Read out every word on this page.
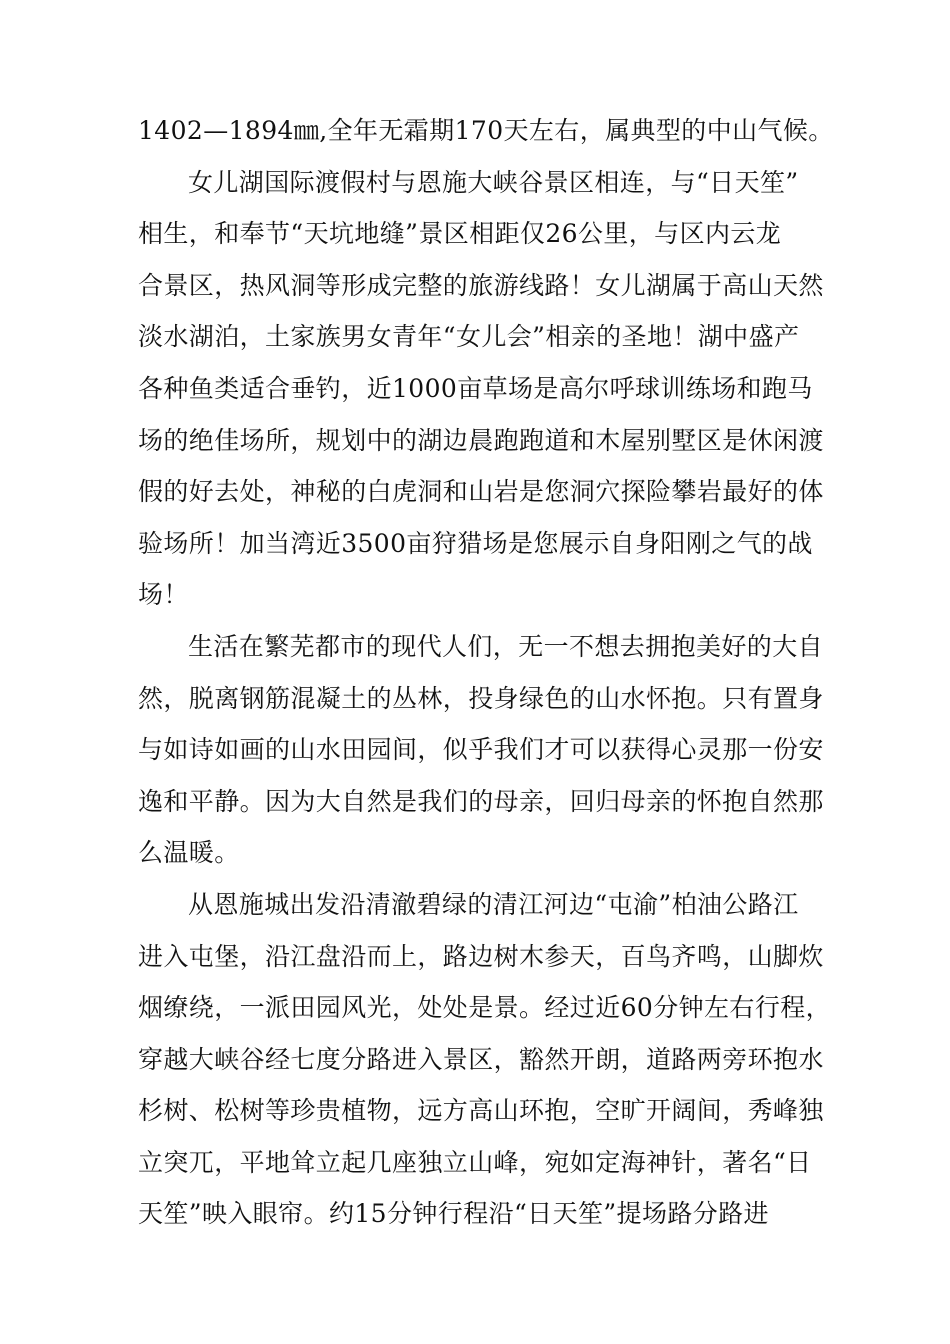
1402—1894㎜,全年无霜期170天左右，属典型的中山气候。
女儿湖国际渡假村与恩施大峡谷景区相连，与“日天笙”
相生，和奉节“天坑地缝”景区相距仅26公里，与区内云龙
合景区，热风洞等形成完整的旅游线路！女儿湖属于高山天然
淡水湖泊，土家族男女青年“女儿会”相亲的圣地！湖中盛产
各种鱼类适合垂钓，近1000亩草场是高尔呼球训练场和跑马
场的绝佳场所，规划中的湖边晨跑跑道和木屋别墅区是休闲渡
假的好去处，神秘的白虎洞和山岩是您洞穴探险攀岩最好的体
验场所！加当湾近3500亩狩猎场是您展示自身阳刚之气的战
场！
生活在繁芜都市的现代人们，无一不想去拥抱美好的大自
然，脱离钢筋混凝土的丛林，投身绿色的山水怀抱。只有置身
与如诗如画的山水田园间，似乎我们才可以获得心灵那一份安
逸和平静。因为大自然是我们的母亲，回归母亲的怀抱自然那
么温暖。
从恩施城出发沿清澈碧绿的清江河边“屯渝”柏油公路江
进入屯堡，沿江盘沿而上，路边树木参天，百鸟齐鸣，山脚炊
烟缭绕，一派田园风光，处处是景。经过近60分钟左右行程，
穿越大峡谷经七度分路进入景区，豁然开朗，道路两旁环抱水
杉树、松树等珍贵植物，远方高山环抱，空旷开阔间，秀峰独
立突兀，平地耸立起几座独立山峰，宛如定海神针，著名“日
天笙”映入眼帘。约15分钟行程沿“日天笙”提场路分路进
